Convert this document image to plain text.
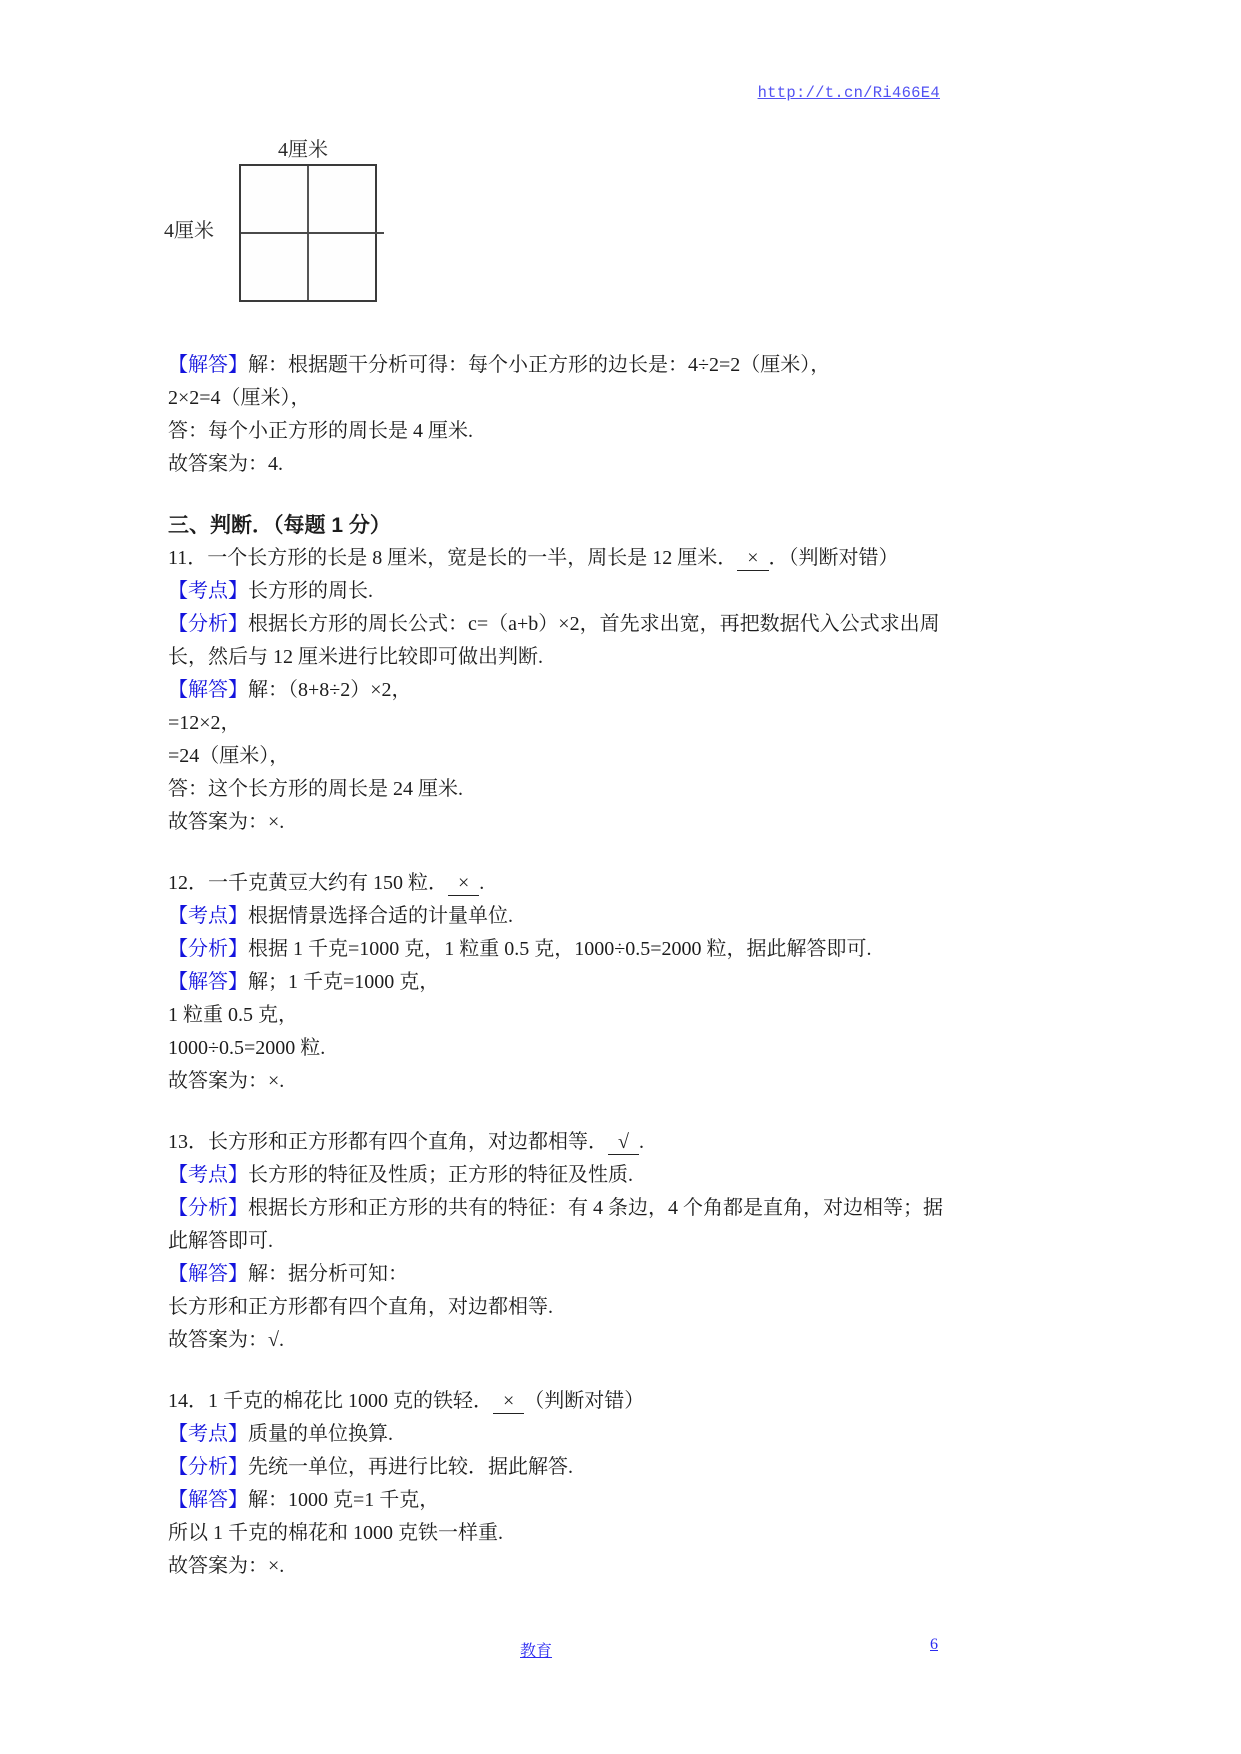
http://t.cn/Ri466E4
4厘米
4厘米
【解答】解：根据题干分析可得：每个小正方形的边长是：4÷2=2（厘米），
2×2=4（厘米），
答：每个小正方形的周长是 4 厘米.
故答案为：4.
三、判断．（每题 1 分）
11．一个长方形的长是 8 厘米，宽是长的一半，周长是 12 厘米．  ×  ．（判断对错）
【考点】长方形的周长.
【分析】根据长方形的周长公式：c=（a+b）×2，首先求出宽，再把数据代入公式求出周
长，然后与 12 厘米进行比较即可做出判断.
【解答】解：（8+8÷2）×2，
=12×2，
=24（厘米），
答：这个长方形的周长是 24 厘米.
故答案为：×.
12．一千克黄豆大约有 150 粒．  ×  .
【考点】根据情景选择合适的计量单位.
【分析】根据 1 千克=1000 克，1 粒重 0.5 克，1000÷0.5=2000 粒，据此解答即可.
【解答】解；1 千克=1000 克，
1 粒重 0.5 克，
1000÷0.5=2000 粒.
故答案为：×.
13．长方形和正方形都有四个直角，对边都相等．  √  .
【考点】长方形的特征及性质；正方形的特征及性质.
【分析】根据长方形和正方形的共有的特征：有 4 条边，4 个角都是直角，对边相等；据
此解答即可.
【解答】解：据分析可知：
长方形和正方形都有四个直角，对边都相等.
故答案为：√.
14．1 千克的棉花比 1000 克的铁轻．  ×  （判断对错）
【考点】质量的单位换算.
【分析】先统一单位，再进行比较．据此解答.
【解答】解：1000 克=1 千克，
所以 1 千克的棉花和 1000 克铁一样重.
故答案为：×.
教育	6
